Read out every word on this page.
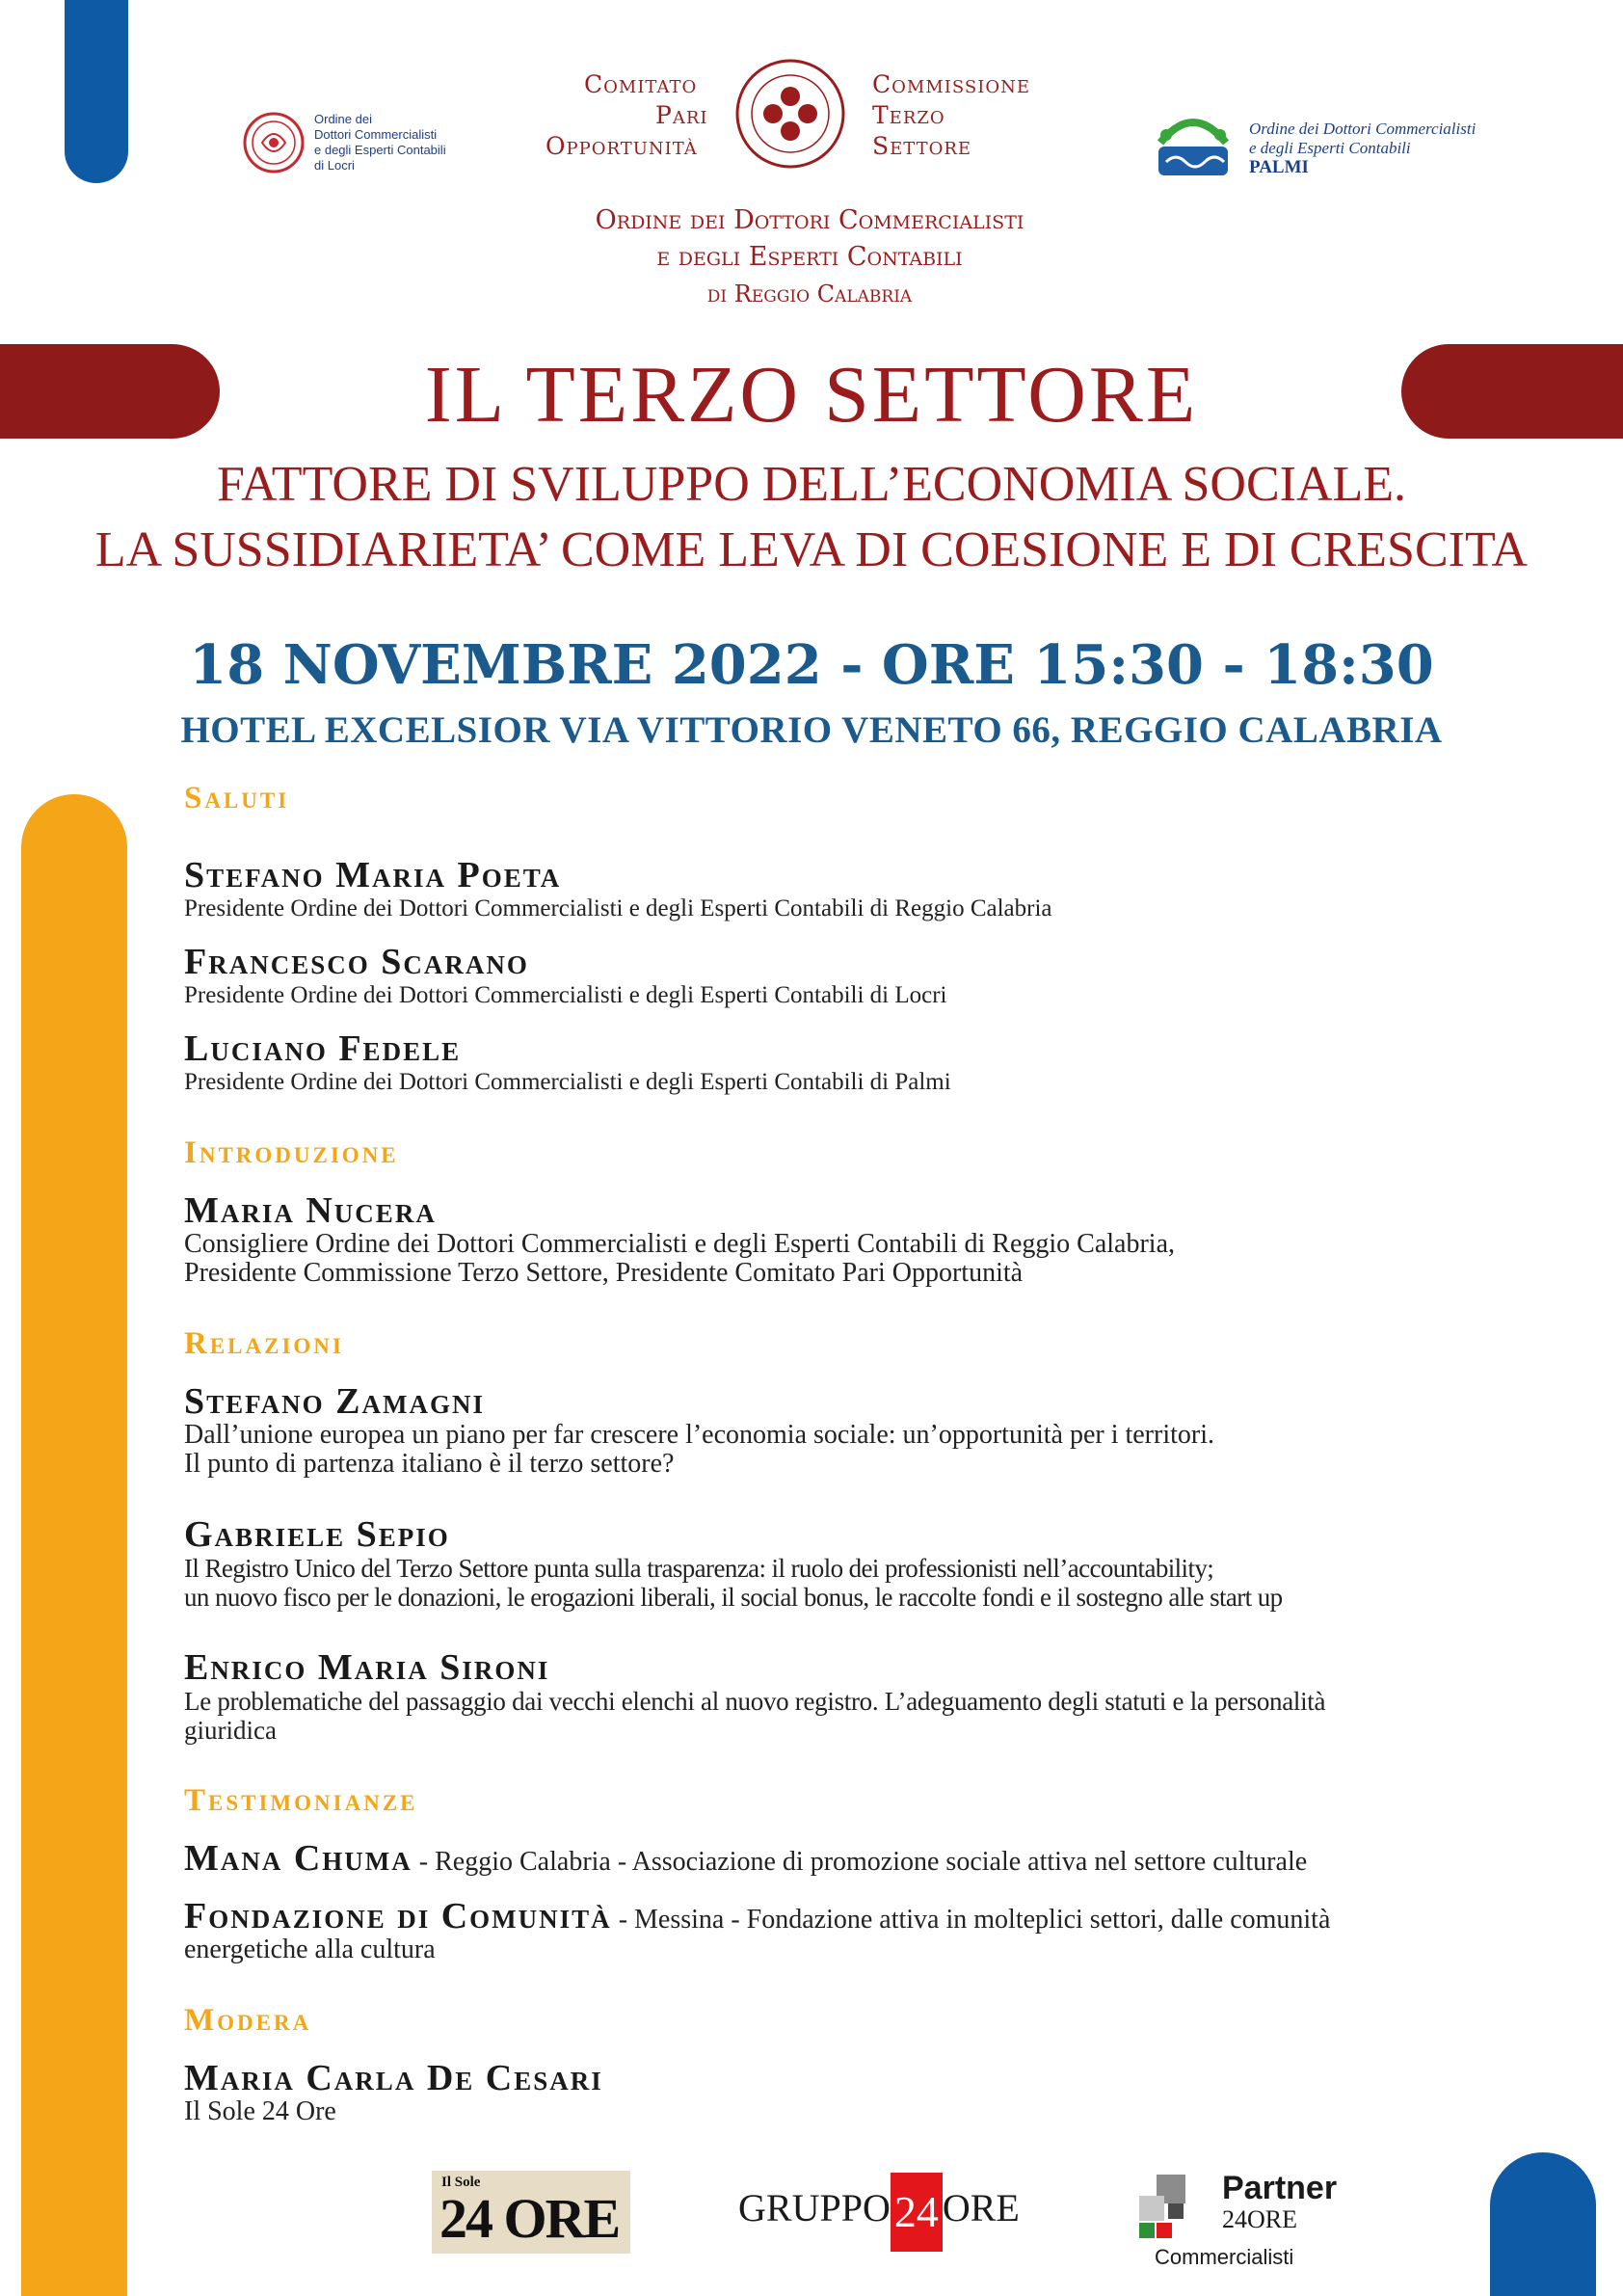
Ordine dei
Dottori Commercialisti
e degli Esperti Contabili
di Locri
Comitato
Pari
Opportunità
Commissione
Terzo
Settore
Ordine dei Dottori Commercialisti
e degli Esperti Contabili
di Reggio Calabria
Ordine dei Dottori Commercialisti
e degli Esperti Contabili
PALMI
IL TERZO SETTORE
FATTORE DI SVILUPPO DELL’ECONOMIA SOCIALE.
LA SUSSIDIARIETA’ COME LEVA DI COESIONE E DI CRESCITA
18 NOVEMBRE 2022 - ORE 15:30 - 18:30
HOTEL EXCELSIOR VIA VITTORIO VENETO 66, REGGIO CALABRIA
Saluti
Stefano Maria Poeta
Presidente Ordine dei Dottori Commercialisti e degli Esperti Contabili di Reggio Calabria
Francesco Scarano
Presidente Ordine dei Dottori Commercialisti e degli Esperti Contabili di Locri
Luciano Fedele
Presidente Ordine dei Dottori Commercialisti e degli Esperti Contabili di Palmi
Introduzione
Maria Nucera
Consigliere Ordine dei Dottori Commercialisti e degli Esperti Contabili di Reggio Calabria,
Presidente Commissione Terzo Settore, Presidente Comitato Pari Opportunità
Relazioni
Stefano Zamagni
Dall’unione europea un piano per far crescere l’economia sociale: un’opportunità per i territori.
Il punto di partenza italiano è il terzo settore?
Gabriele Sepio
Il Registro Unico del Terzo Settore punta sulla trasparenza: il ruolo dei professionisti nell’accountability;
un nuovo fisco per le donazioni, le erogazioni liberali, il social bonus, le raccolte fondi e il sostegno alle start up
Enrico Maria Sironi
Le problematiche del passaggio dai vecchi elenchi al nuovo registro. L’adeguamento degli statuti e la personalità
giuridica
Testimonianze
Mana Chuma - Reggio Calabria - Associazione di promozione sociale attiva nel settore culturale
Fondazione di Comunità - Messina - Fondazione attiva in molteplici settori, dalle comunità
energetiche alla cultura
Modera
Maria Carla De Cesari
Il Sole 24 Ore
Il Sole
24 ORE	GRUPPO24 ORE	Partner
24ORE
Commercialisti
